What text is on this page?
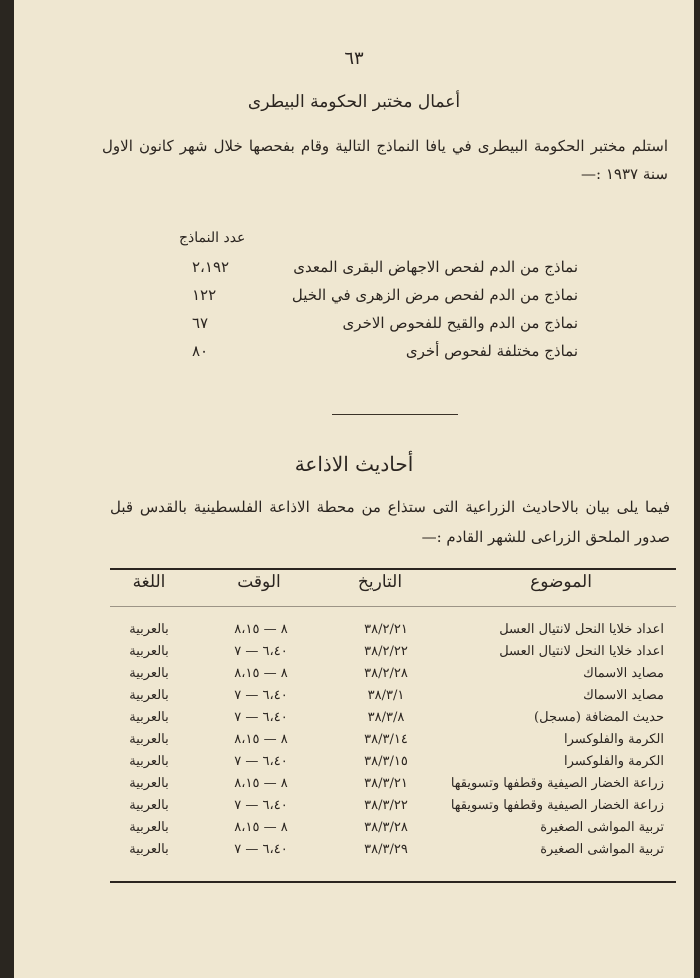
٦٣
أعمال مختبر الحكومة البيطرى
استلم مختبر الحكومة البيطرى في يافا النماذج التالية وقام بفحصها خلال شهر كانون الاول سنة ١٩٣٧ :—
عدد النماذج
نماذج من الدم لفحص الاجهاض البقرى المعدى
٢،١٩٢
نماذج من الدم لفحص مرض الزهرى في الخيل
١٢٢
نماذج من الدم والقيح للفحوص الاخرى
٦٧
نماذج مختلفة لفحوص أخرى
٨٠
أحاديث الاذاعة
فيما يلى بيان بالاحاديث الزراعية التى ستذاع من محطة الاذاعة الفلسطينية بالقدس قبل صدور الملحق الزراعى للشهر القادم :—
الموضوع
التاريخ
الوقت
اللغة
اعداد خلايا النحل لانتيال العسل
٣٨/٢/٢١
٨ — ٨،١٥
بالعربية
اعداد خلايا النحل لانتيال العسل
٣٨/٢/٢٢
٦،٤٠ — ٧
بالعربية
مصايد الاسماك
٣٨/٢/٢٨
٨ — ٨،١٥
بالعربية
مصايد الاسماك
٣٨/٣/١
٦،٤٠ — ٧
بالعربية
حديث المضافة (مسجل)
٣٨/٣/٨
٦،٤٠ — ٧
بالعربية
الكرمة والفلوكسرا
٣٨/٣/١٤
٨ — ٨،١٥
بالعربية
الكرمة والفلوكسرا
٣٨/٣/١٥
٦،٤٠ — ٧
بالعربية
زراعة الخضار الصيفية وقطفها وتسويقها
٣٨/٣/٢١
٨ — ٨،١٥
بالعربية
زراعة الخضار الصيفية وقطفها وتسويقها
٣٨/٣/٢٢
٦،٤٠ — ٧
بالعربية
تربية المواشى الصغيرة
٣٨/٣/٢٨
٨ — ٨،١٥
بالعربية
تربية المواشى الصغيرة
٣٨/٣/٢٩
٦،٤٠ — ٧
بالعربية
